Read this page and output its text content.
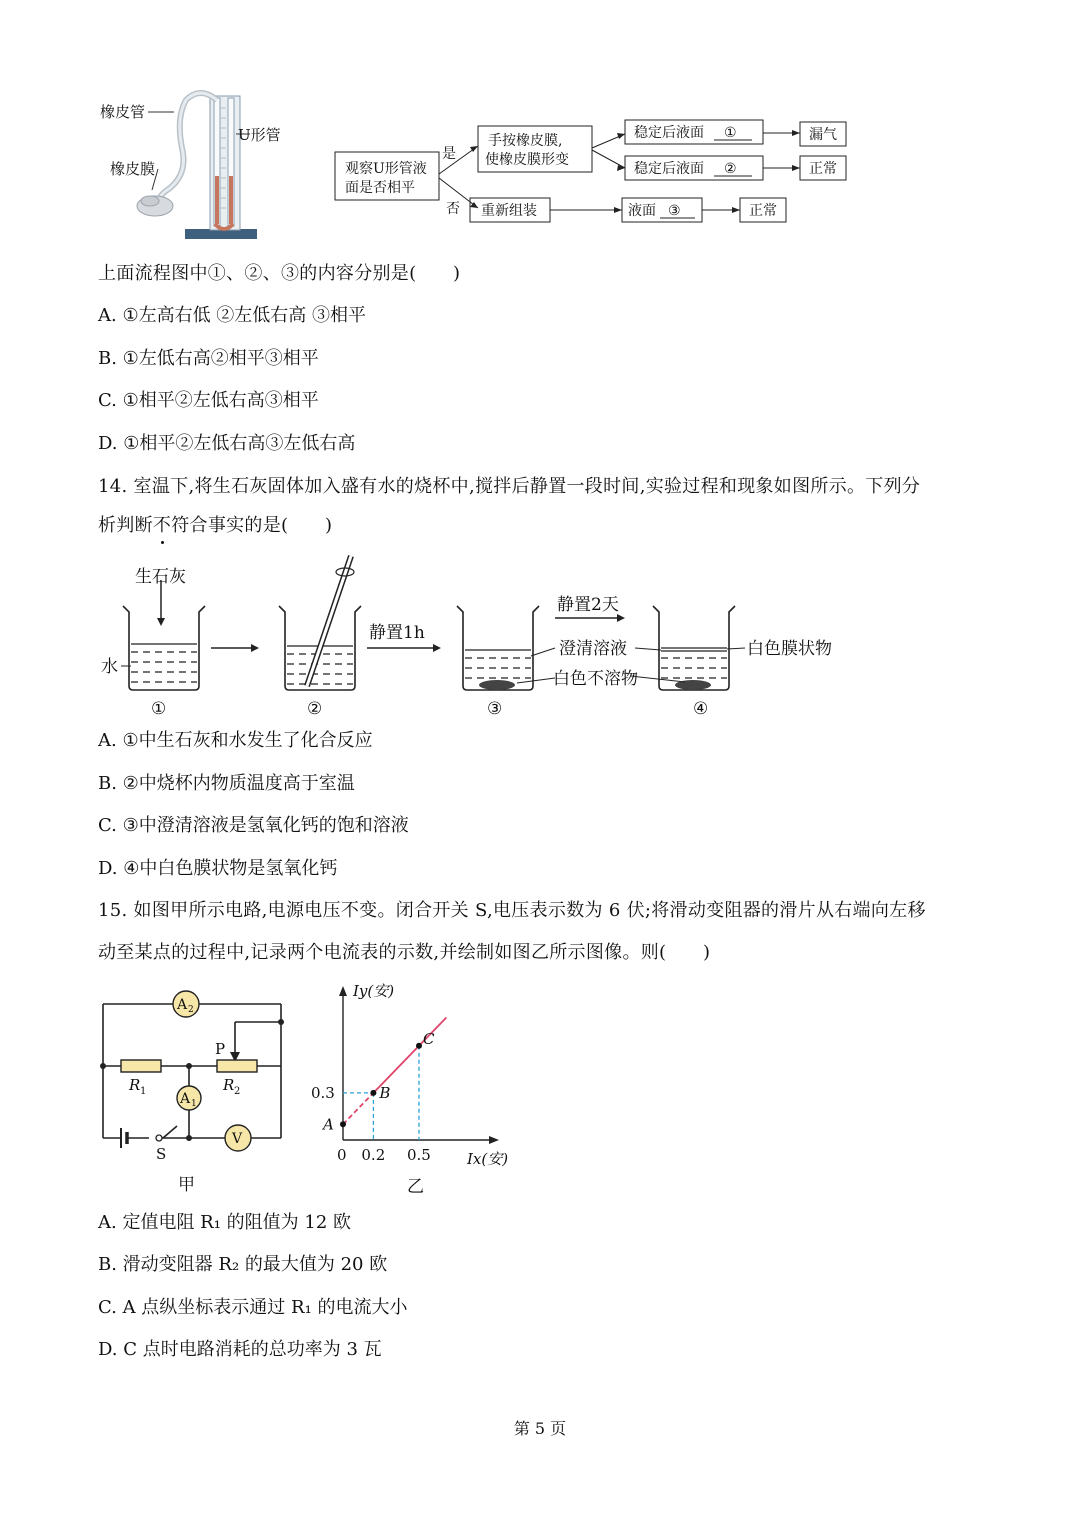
橡皮管
橡皮膜
U形管
观察U形管液
面是否相平
是
否
手按橡皮膜,
使橡皮膜形变
稳定后液面 ①
稳定后液面 ②
漏气
正常
重新组装	液面 ③	正常
上面流程图中①、②、③的内容分别是(　　)
A. ①左高右低 ②左低右高 ③相平
B. ①左低右高②相平③相平
C. ①相平②左低右高③相平
D. ①相平②左低右高③左低右高
14. 室温下,将生石灰固体加入盛有水的烧杯中,搅拌后静置一段时间,实验过程和现象如图所示。下列分
析判断不符合事实的是(　　)
生石灰
水
静置1h
静置2天
澄清溶液
白色不溶物
白色膜状物
①	②	③	④
A. ①中生石灰和水发生了化合反应
B. ②中烧杯内物质温度高于室温
C. ③中澄清溶液是氢氧化钙的饱和溶液
D. ④中白色膜状物是氢氧化钙
15. 如图甲所示电路,电源电压不变。闭合开关 S,电压表示数为 6 伏;将滑动变阻器的滑片从右端向左移
动至某点的过程中,记录两个电流表的示数,并绘制如图乙所示图像。则(　　)
A 2
A 1
V
P
R 1	R 2
S
甲
A
B
C
0 0.2 0.5
0.3
Iy(安)
Ix(安)
乙
A. 定值电阻 R₁ 的阻值为 12 欧
B. 滑动变阻器 R₂ 的最大值为 20 欧
C. A 点纵坐标表示通过 R₁ 的电流大小
D. C 点时电路消耗的总功率为 3 瓦
第 5 页
